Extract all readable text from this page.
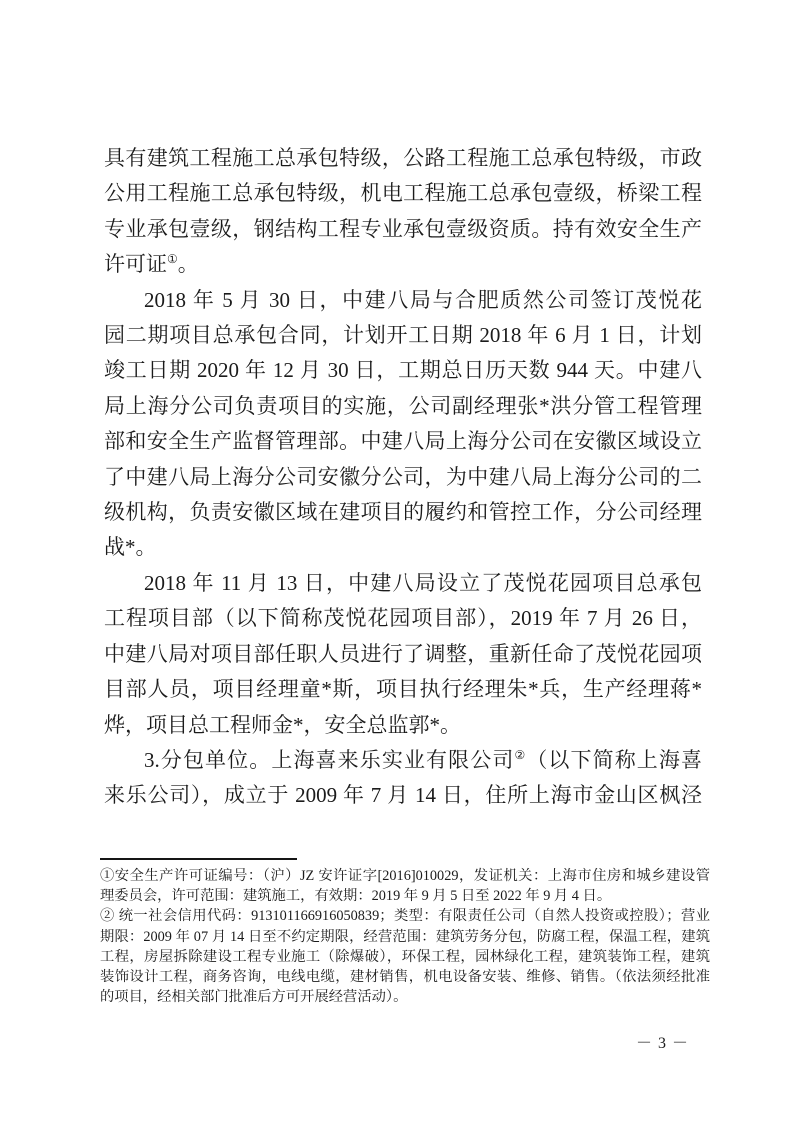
具有建筑工程施工总承包特级，公路工程施工总承包特级，市政
公用工程施工总承包特级，机电工程施工总承包壹级，桥梁工程
专业承包壹级，钢结构工程专业承包壹级资质。持有效安全生产
许可证①。
2018 年 5 月 30 日，中建八局与合肥质然公司签订茂悦花
园二期项目总承包合同，计划开工日期 2018 年 6 月 1 日，计划
竣工日期 2020 年 12 月 30 日，工期总日历天数 944 天。中建八
局上海分公司负责项目的实施，公司副经理张*洪分管工程管理
部和安全生产监督管理部。中建八局上海分公司在安徽区域设立
了中建八局上海分公司安徽分公司，为中建八局上海分公司的二
级机构，负责安徽区域在建项目的履约和管控工作，分公司经理
战*。
2018 年 11 月 13 日，中建八局设立了茂悦花园项目总承包
工程项目部（以下简称茂悦花园项目部），2019 年 7 月 26 日，
中建八局对项目部任职人员进行了调整，重新任命了茂悦花园项
目部人员，项目经理童*斯，项目执行经理朱*兵，生产经理蒋*
烨，项目总工程师金*，安全总监郭*。
3.分包单位。上海喜来乐实业有限公司②（以下简称上海喜
来乐公司），成立于 2009 年 7 月 14 日，住所上海市金山区枫泾
①安全生产许可证编号：（沪）JZ 安许证字[2016]010029，发证机关：上海市住房和城乡建设管
理委员会，许可范围：建筑施工，有效期：2019 年 9 月 5 日至 2022 年 9 月 4 日。
② 统一社会信用代码：913101166916050839；类型：有限责任公司（自然人投资或控股）；营业
期限：2009 年 07 月 14 日至不约定期限，经营范围：建筑劳务分包，防腐工程，保温工程，建筑
工程，房屋拆除建设工程专业施工（除爆破），环保工程，园林绿化工程，建筑装饰工程，建筑
装饰设计工程，商务咨询，电线电缆，建材销售，机电设备安装、维修、销售。（依法须经批准
的项目，经相关部门批准后方可开展经营活动）。
－ 3 －
